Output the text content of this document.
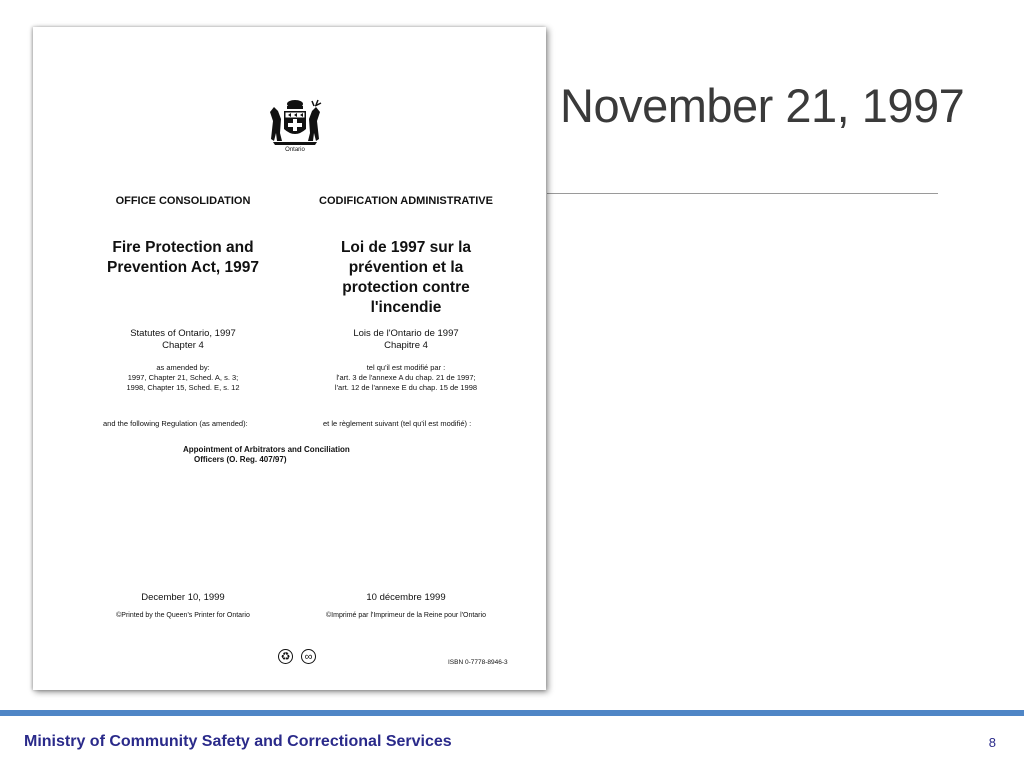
November 21, 1997
Ontario
OFFICE CONSOLIDATION	CODIFICATION ADMINISTRATIVE
Fire Protection and
Prevention Act, 1997
Loi de 1997 sur la
prévention et la
protection contre
l'incendie
Statutes of Ontario, 1997
Chapter 4
Lois de l'Ontario de 1997
Chapitre 4
as amended by:
1997, Chapter 21, Sched. A, s. 3;
1998, Chapter 15, Sched. E, s. 12
tel qu'il est modifié par :
l'art. 3 de l'annexe A du chap. 21 de 1997;
l'art. 12 de l'annexe E du chap. 15 de 1998
and the following Regulation (as amended):	et le règlement suivant (tel qu'il est modifié) :
Appointment of Arbitrators and Conciliation
Officers (O. Reg. 407/97)
December 10, 1999	10 décembre 1999
©Printed by the Queen's Printer for Ontario	©Imprimé par l'Imprimeur de la Reine pour l'Ontario
♻	∞	ISBN 0-7778-8946-3
Ministry of Community Safety and Correctional Services	8
